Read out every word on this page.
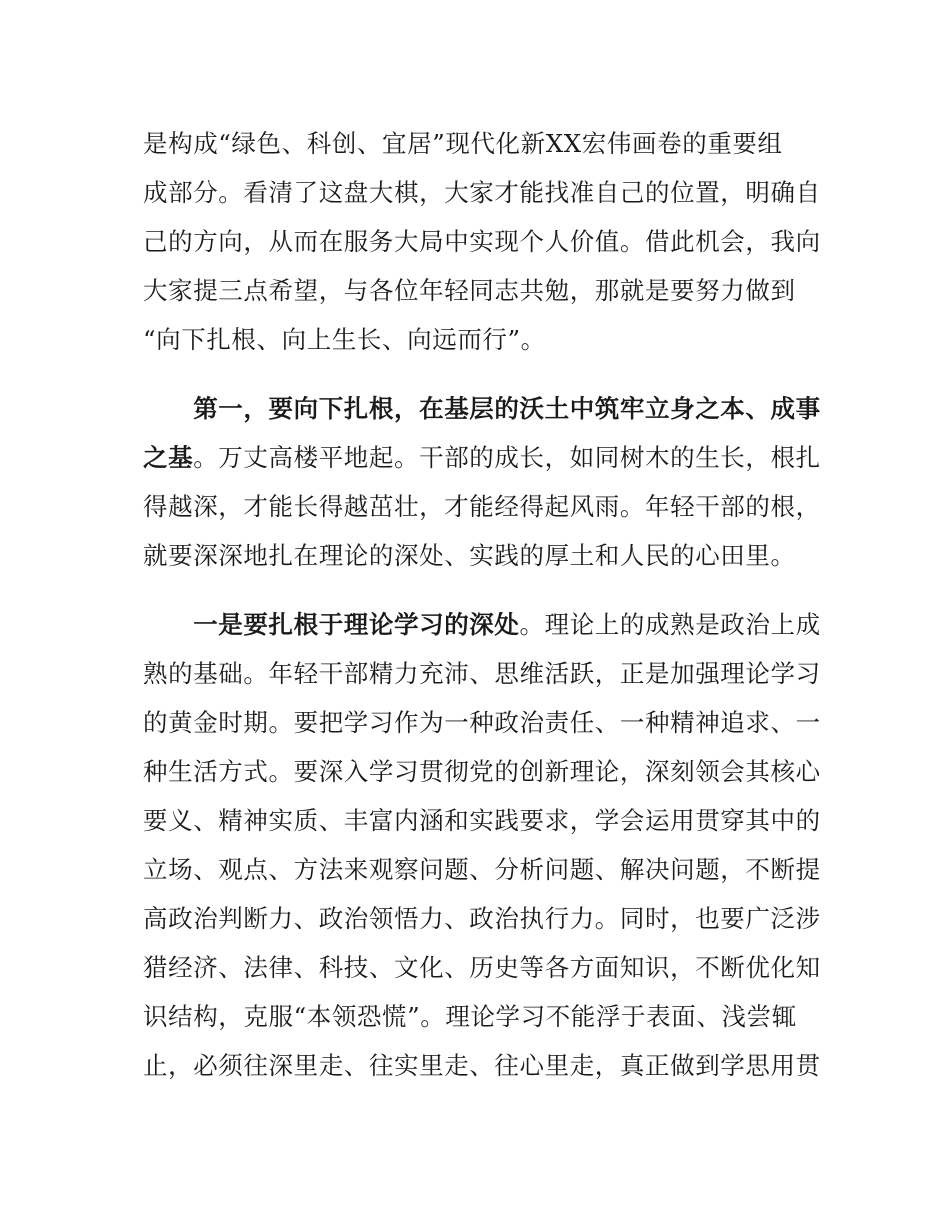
是构成“绿色、科创、宜居”现代化新XX宏伟画卷的重要组
成部分。看清了这盘大棋，大家才能找准自己的位置，明确自
己的方向，从而在服务大局中实现个人价值。借此机会，我向
大家提三点希望，与各位年轻同志共勉，那就是要努力做到
“向下扎根、向上生长、向远而行”。
　　第一，要向下扎根，在基层的沃土中筑牢立身之本、成事
之基。万丈高楼平地起。干部的成长，如同树木的生长，根扎
得越深，才能长得越茁壮，才能经得起风雨。年轻干部的根，
就要深深地扎在理论的深处、实践的厚土和人民的心田里。
　　一是要扎根于理论学习的深处。理论上的成熟是政治上成
熟的基础。年轻干部精力充沛、思维活跃，正是加强理论学习
的黄金时期。要把学习作为一种政治责任、一种精神追求、一
种生活方式。要深入学习贯彻党的创新理论，深刻领会其核心
要义、精神实质、丰富内涵和实践要求，学会运用贯穿其中的
立场、观点、方法来观察问题、分析问题、解决问题，不断提
高政治判断力、政治领悟力、政治执行力。同时，也要广泛涉
猎经济、法律、科技、文化、历史等各方面知识，不断优化知
识结构，克服“本领恐慌”。理论学习不能浮于表面、浅尝辄
止，必须往深里走、往实里走、往心里走，真正做到学思用贯
